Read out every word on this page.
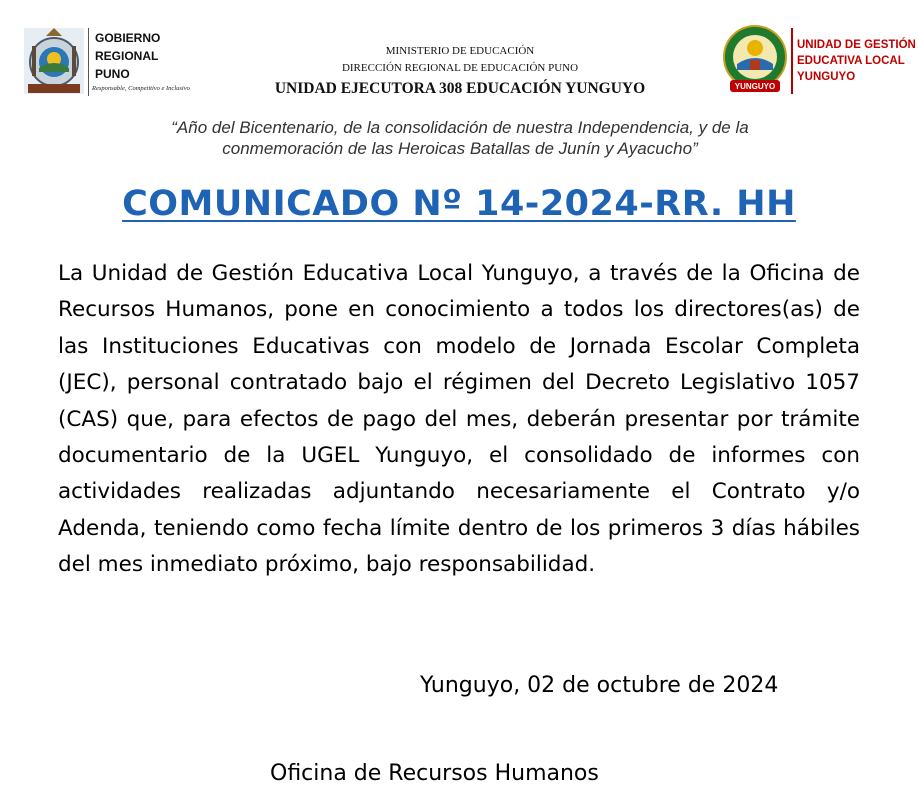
GOBIERNO
REGIONAL
PUNO
Responsable, Competitivo e Inclusivo
MINISTERIO DE EDUCACIÓN
DIRECCIÓN REGIONAL DE EDUCACIÓN PUNO
UNIDAD EJECUTORA 308 EDUCACIÓN YUNGUYO	YUNGUYO
UNIDAD DE GESTIÓN
EDUCATIVA LOCAL
YUNGUYO
“Año del Bicentenario, de la consolidación de nuestra Independencia, y de la
conmemoración de las Heroicas Batallas de Junín y Ayacucho”
COMUNICADO Nº 14-2024-RR. HH
La Unidad de Gestión Educativa Local Yunguyo, a través de la Oficina de Recursos Humanos, pone en conocimiento a todos los directores(as) de las Instituciones Educativas con modelo de Jornada Escolar Completa (JEC), personal contratado bajo el régimen del Decreto Legislativo 1057 (CAS) que, para efectos de pago del mes, deberán presentar por trámite documentario de la UGEL Yunguyo, el consolidado de informes con actividades realizadas adjuntando necesariamente el Contrato y/o Adenda, teniendo como fecha límite dentro de los primeros 3 días hábiles del mes inmediato próximo, bajo responsabilidad.
Yunguyo, 02 de octubre de 2024
Oficina de Recursos Humanos
